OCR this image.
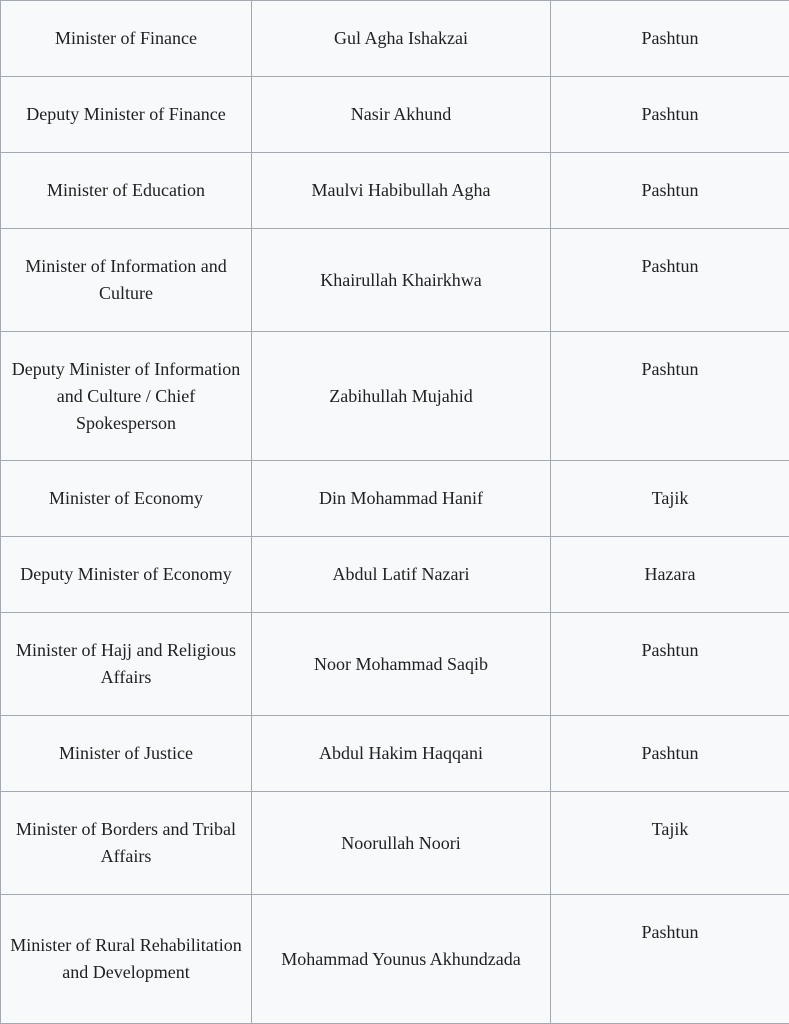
Minister of Finance	Gul Agha Ishakzai	Pashtun
Deputy Minister of Finance	Nasir Akhund	Pashtun
Minister of Education	Maulvi Habibullah Agha	Pashtun
Minister of Information and Culture	Khairullah Khairkhwa	Pashtun
Deputy Minister of Information and Culture / Chief Spokesperson	Zabihullah Mujahid	Pashtun
Minister of Economy	Din Mohammad Hanif	Tajik
Deputy Minister of Economy	Abdul Latif Nazari	Hazara
Minister of Hajj and Religious Affairs	Noor Mohammad Saqib	Pashtun
Minister of Justice	Abdul Hakim Haqqani	Pashtun
Minister of Borders and Tribal Affairs	Noorullah Noori	Tajik
Minister of Rural Rehabilitation and Development	Mohammad Younus Akhundzada	Pashtun
